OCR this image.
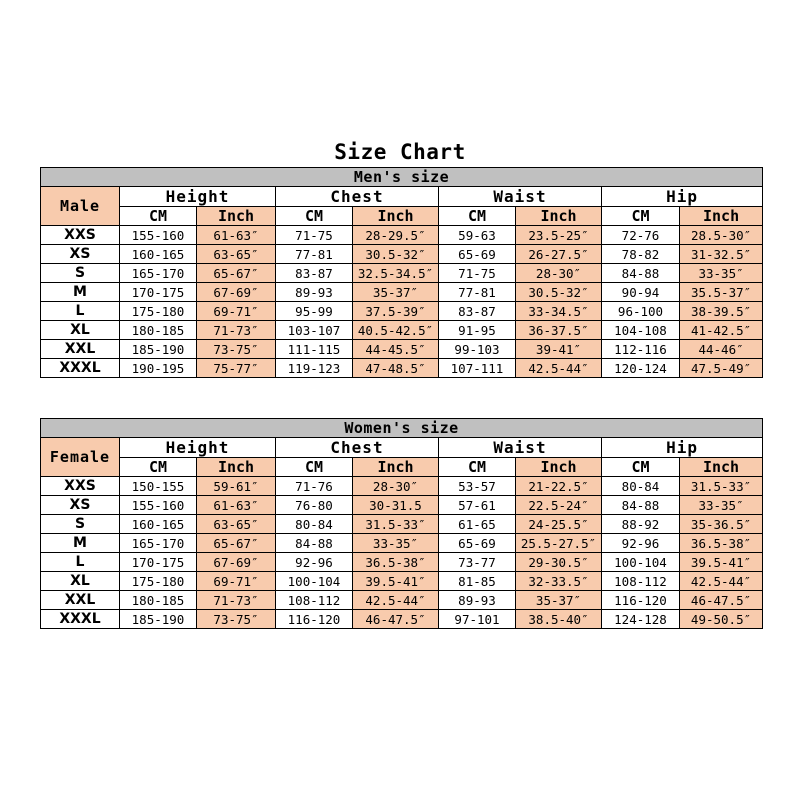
Size Chart
Men's size								
Male	Height		Chest		Waist		Hip	
	CM	Inch	CM	Inch	CM	Inch	CM	Inch
XXS	155-160	61-63″	71-75	28-29.5″	59-63	23.5-25″	72-76	28.5-30″
XS	160-165	63-65″	77-81	30.5-32″	65-69	26-27.5″	78-82	31-32.5″
S	165-170	65-67″	83-87	32.5-34.5″	71-75	28-30″	84-88	33-35″
M	170-175	67-69″	89-93	35-37″	77-81	30.5-32″	90-94	35.5-37″
L	175-180	69-71″	95-99	37.5-39″	83-87	33-34.5″	96-100	38-39.5″
XL	180-185	71-73″	103-107	40.5-42.5″	91-95	36-37.5″	104-108	41-42.5″
XXL	185-190	73-75″	111-115	44-45.5″	99-103	39-41″	112-116	44-46″
XXXL	190-195	75-77″	119-123	47-48.5″	107-111	42.5-44″	120-124	47.5-49″
Women's size								
Female	Height		Chest		Waist		Hip	
	CM	Inch	CM	Inch	CM	Inch	CM	Inch
XXS	150-155	59-61″	71-76	28-30″	53-57	21-22.5″	80-84	31.5-33″
XS	155-160	61-63″	76-80	30-31.5	57-61	22.5-24″	84-88	33-35″
S	160-165	63-65″	80-84	31.5-33″	61-65	24-25.5″	88-92	35-36.5″
M	165-170	65-67″	84-88	33-35″	65-69	25.5-27.5″	92-96	36.5-38″
L	170-175	67-69″	92-96	36.5-38″	73-77	29-30.5″	100-104	39.5-41″
XL	175-180	69-71″	100-104	39.5-41″	81-85	32-33.5″	108-112	42.5-44″
XXL	180-185	71-73″	108-112	42.5-44″	89-93	35-37″	116-120	46-47.5″
XXXL	185-190	73-75″	116-120	46-47.5″	97-101	38.5-40″	124-128	49-50.5″
